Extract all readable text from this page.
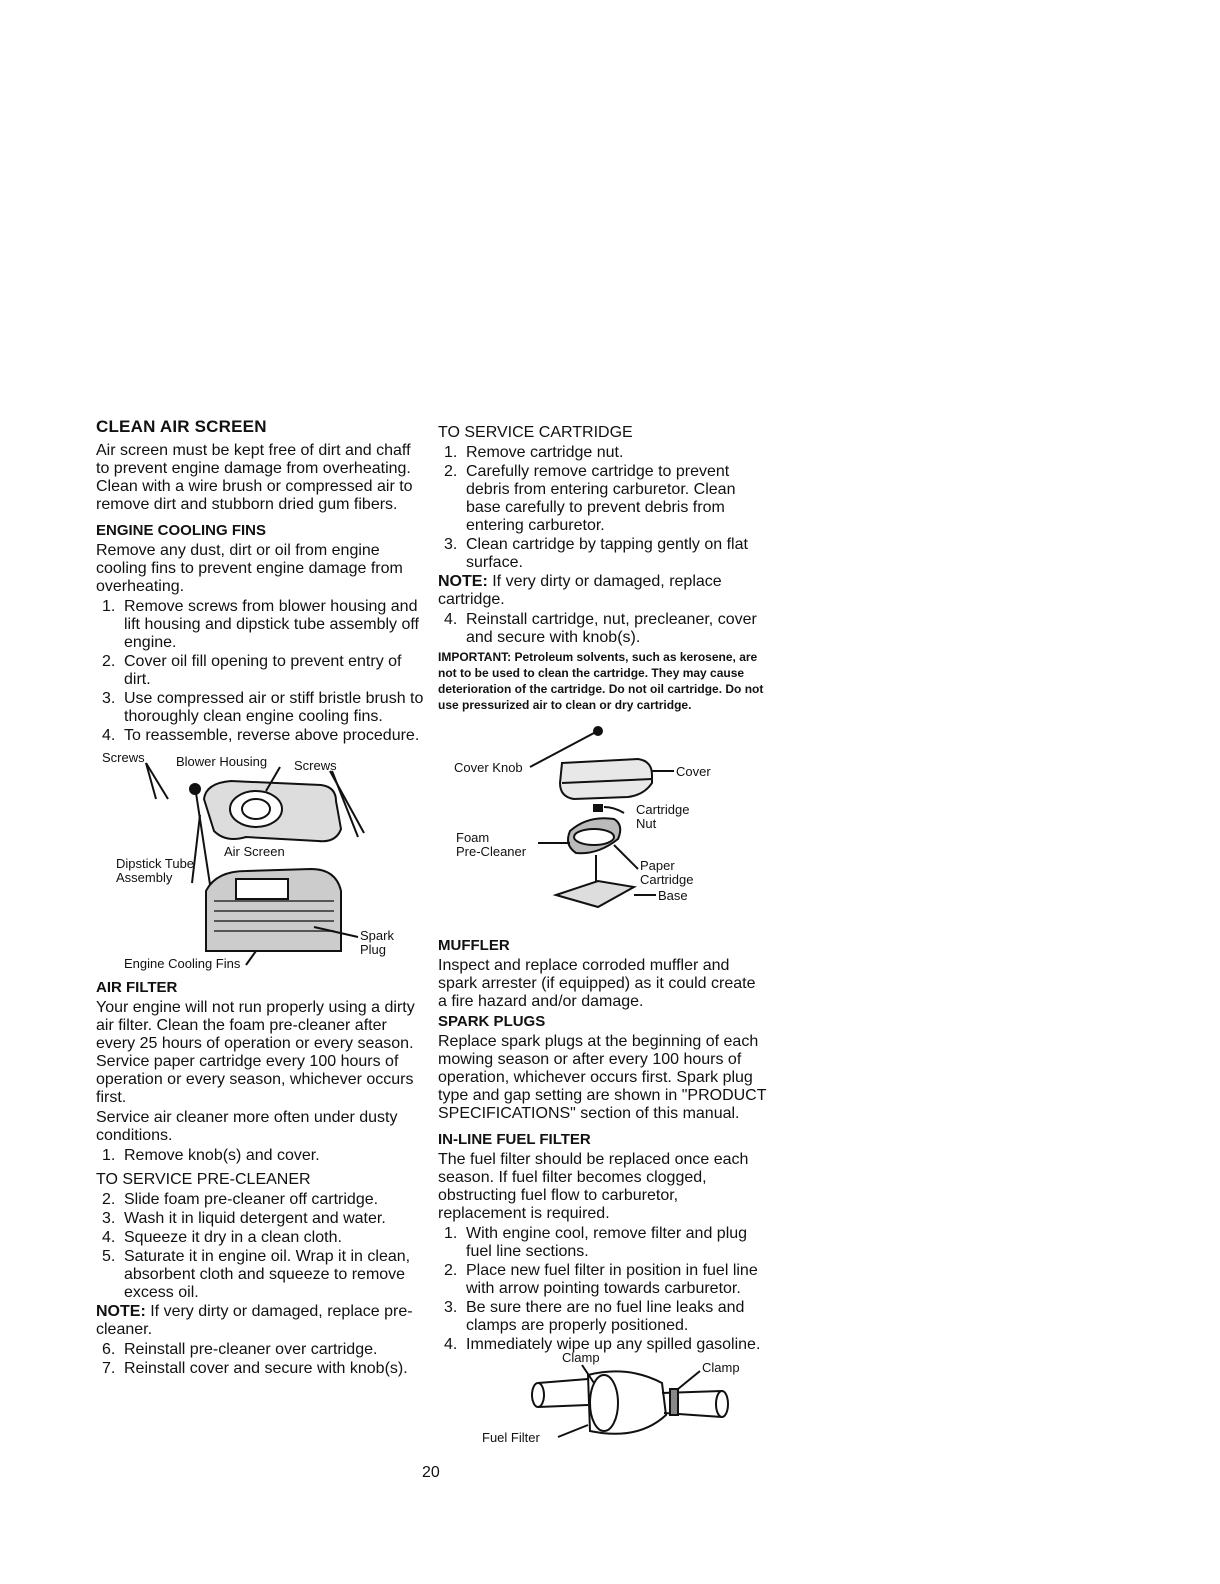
CLEAN AIR SCREEN

Air screen must be kept free of dirt and chaff to prevent engine damage from overheating. Clean with a wire brush or compressed air to remove dirt and stubborn dried gum fibers.

ENGINE COOLING FINS

Remove any dust, dirt or oil from engine cooling fins to prevent engine damage from overheating.

1. Remove screws from blower housing and lift housing and dipstick tube assembly off engine.
2. Cover oil fill opening to prevent entry of dirt.
3. Use compressed air or stiff bristle brush to thoroughly clean engine cooling fins.
4. To reassemble, reverse above procedure.
Screws Blower Housing Screws
Air Screen
Dipstick Tube
Assembly
Spark
Plug
Engine Cooling Fins
AIR FILTER

Your engine will not run properly using a dirty air filter. Clean the foam pre-cleaner after every 25 hours of operation or every season. Service paper cartridge every 100 hours of operation or every season, whichever occurs first.

Service air cleaner more often under dusty conditions.

1. Remove knob(s) and cover.
TO SERVICE PRE-CLEANER
2. Slide foam pre-cleaner off cartridge.
3. Wash it in liquid detergent and water.
4. Squeeze it dry in a clean cloth.
5. Saturate it in engine oil. Wrap it in clean, absorbent cloth and squeeze to remove excess oil.

NOTE: If very dirty or damaged, replace pre-cleaner.

6. Reinstall pre-cleaner over cartridge.
7. Reinstall cover and secure with knob(s).
TO SERVICE CARTRIDGE
1. Remove cartridge nut.
2. Carefully remove cartridge to prevent debris from entering carburetor. Clean base carefully to prevent debris from entering carburetor.
3. Clean cartridge by tapping gently on flat surface.

NOTE: If very dirty or damaged, replace cartridge.

4. Reinstall cartridge, nut, precleaner, cover and secure with knob(s).

IMPORTANT: Petroleum solvents, such as kerosene, are not to be used to clean the cartridge. They may cause deterioration of the cartridge. Do not oil cartridge. Do not use pressurized air to clean or dry cartridge.

Cover Knob	Cover
Cartridge
Nut
Foam
Pre-Cleaner
Paper
Cartridge
Base
MUFFLER

Inspect and replace corroded muffler and spark arrester (if equipped) as it could create a fire hazard and/or damage.

SPARK PLUGS

Replace spark plugs at the beginning of each mowing season or after every 100 hours of operation, whichever occurs first. Spark plug type and gap setting are shown in "PRODUCT SPECIFICATIONS" section of this manual.

IN-LINE FUEL FILTER

The fuel filter should be replaced once each season. If fuel filter becomes clogged, obstructing fuel flow to carburetor, replacement is required.

1. With engine cool, remove filter and plug fuel line sections.
2. Place new fuel filter in position in fuel line with arrow pointing towards carburetor.
3. Be sure there are no fuel line leaks and clamps are properly positioned.
4. Immediately wipe up any spilled gasoline.
Clamp
Clamp
Fuel Filter
20
